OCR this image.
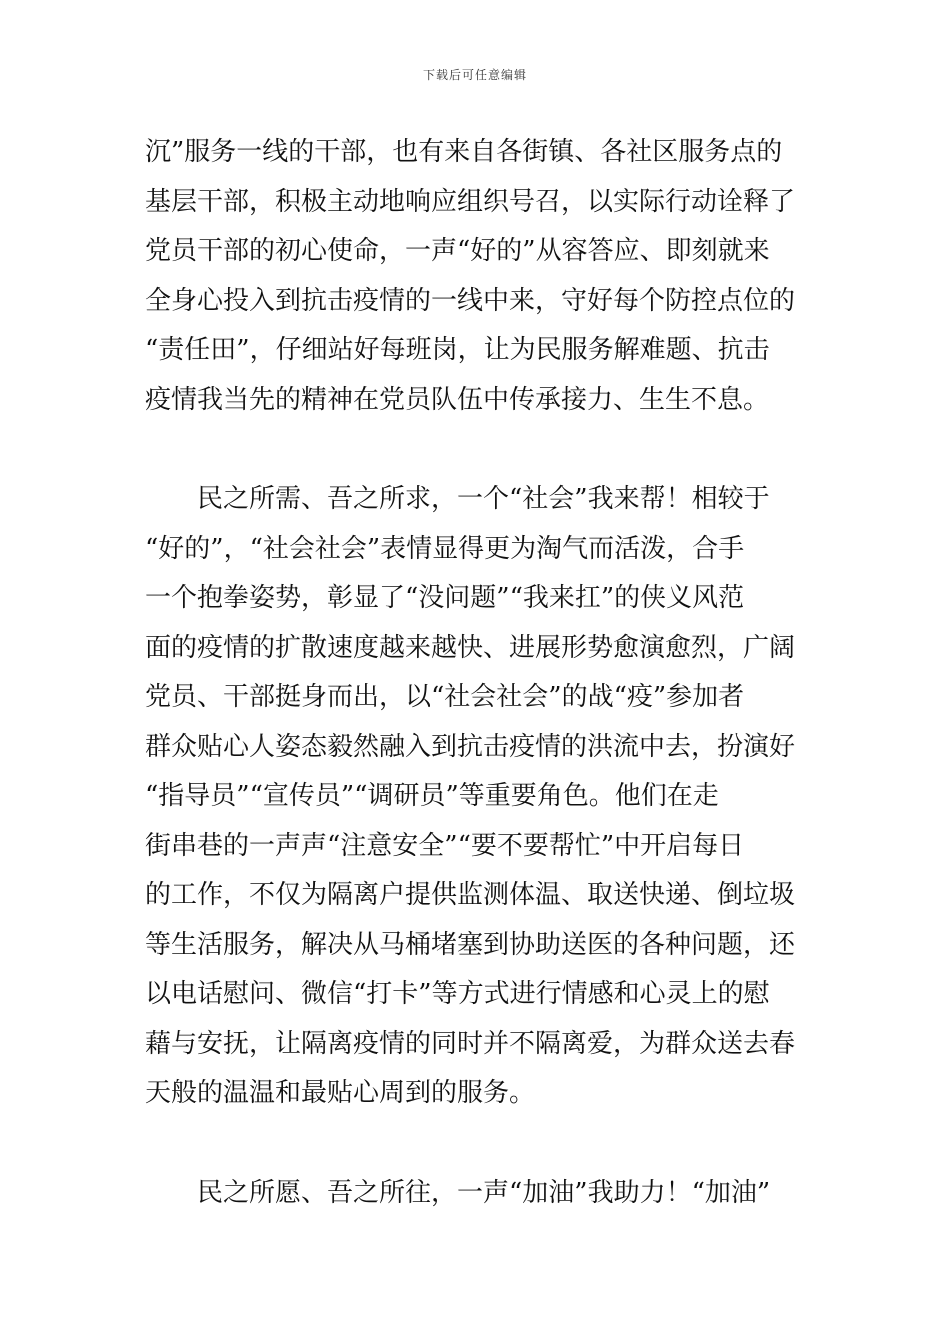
下载后可任意编辑
沉”服务一线的干部，也有来自各街镇、各社区服务点的
基层干部，积极主动地响应组织号召，以实际行动诠释了
党员干部的初心使命，一声“好的”从容答应、即刻就来
全身心投入到抗击疫情的一线中来，守好每个防控点位的
“责任田”，仔细站好每班岗，让为民服务解难题、抗击
疫情我当先的精神在党员队伍中传承接力、生生不息。
民之所需、吾之所求，一个“社会”我来帮！相较于
“好的”，“社会社会”表情显得更为淘气而活泼，合手
一个抱拳姿势，彰显了“没问题”“我来扛”的侠义风范
面的疫情的扩散速度越来越快、进展形势愈演愈烈，广阔
党员、干部挺身而出，以“社会社会”的战“疫”参加者
群众贴心人姿态毅然融入到抗击疫情的洪流中去，扮演好
“指导员”“宣传员”“调研员”等重要角色。他们在走
街串巷的一声声“注意安全”“要不要帮忙”中开启每日
的工作，不仅为隔离户提供监测体温、取送快递、倒垃圾
等生活服务，解决从马桶堵塞到协助送医的各种问题，还
以电话慰问、微信“打卡”等方式进行情感和心灵上的慰
藉与安抚，让隔离疫情的同时并不隔离爱，为群众送去春
天般的温温和最贴心周到的服务。
民之所愿、吾之所往，一声“加油”我助力！“加油”
